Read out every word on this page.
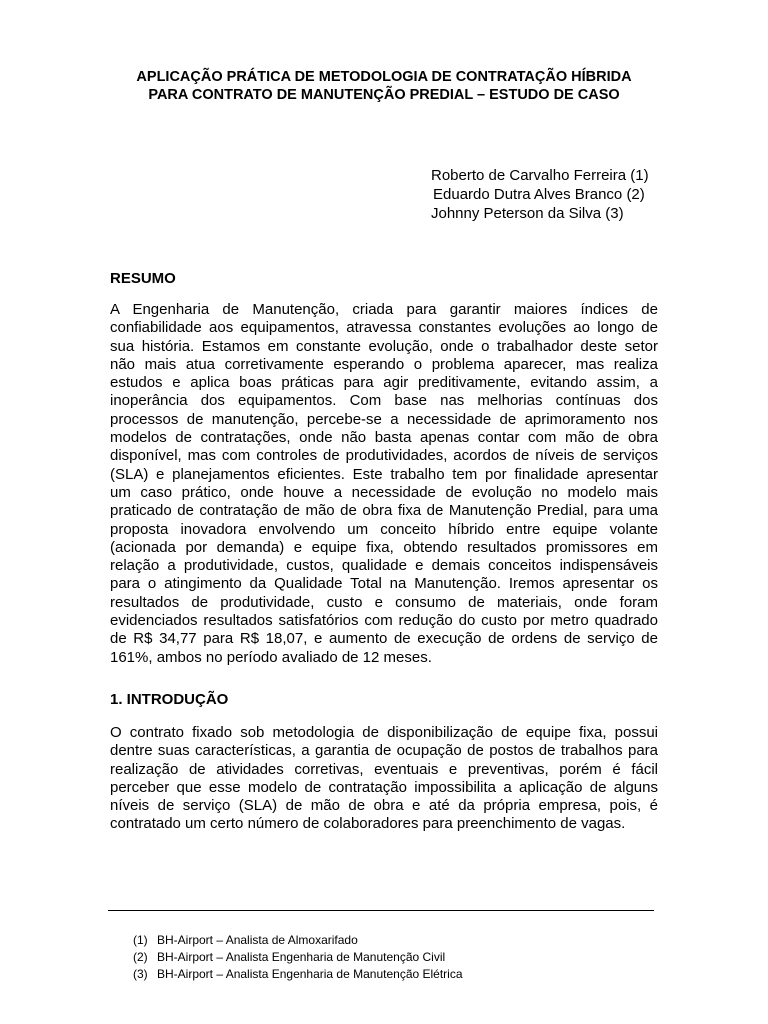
APLICAÇÃO PRÁTICA DE METODOLOGIA DE CONTRATAÇÃO HÍBRIDA
PARA CONTRATO DE MANUTENÇÃO PREDIAL – ESTUDO DE CASO
Roberto de Carvalho Ferreira (1)
Eduardo Dutra Alves Branco (2)
Johnny Peterson da Silva (3)
RESUMO
A Engenharia de Manutenção, criada para garantir maiores índices de
confiabilidade aos equipamentos, atravessa constantes evoluções ao longo de
sua história. Estamos em constante evolução, onde o trabalhador deste setor
não mais atua corretivamente esperando o problema aparecer, mas realiza
estudos e aplica boas práticas para agir preditivamente, evitando assim, a
inoperância dos equipamentos. Com base nas melhorias contínuas dos
processos de manutenção, percebe-se a necessidade de aprimoramento nos
modelos de contratações, onde não basta apenas contar com mão de obra
disponível, mas com controles de produtividades, acordos de níveis de serviços
(SLA) e planejamentos eficientes. Este trabalho tem por finalidade apresentar
um caso prático, onde houve a necessidade de evolução no modelo mais
praticado de contratação de mão de obra fixa de Manutenção Predial, para uma
proposta inovadora envolvendo um conceito híbrido entre equipe volante
(acionada por demanda) e equipe fixa, obtendo resultados promissores em
relação a produtividade, custos, qualidade e demais conceitos indispensáveis
para o atingimento da Qualidade Total na Manutenção. Iremos apresentar os
resultados de produtividade, custo e consumo de materiais, onde foram
evidenciados resultados satisfatórios com redução do custo por metro quadrado
de R$ 34,77 para R$ 18,07, e aumento de execução de ordens de serviço de
161%, ambos no período avaliado de 12 meses.
1. INTRODUÇÃO
O contrato fixado sob metodologia de disponibilização de equipe fixa, possui
dentre suas características, a garantia de ocupação de postos de trabalhos para
realização de atividades corretivas, eventuais e preventivas, porém é fácil
perceber que esse modelo de contratação impossibilita a aplicação de alguns
níveis de serviço (SLA) de mão de obra e até da própria empresa, pois, é
contratado um certo número de colaboradores para preenchimento de vagas.
(1) BH-Airport – Analista de Almoxarifado
(2) BH-Airport – Analista Engenharia de Manutenção Civil
(3) BH-Airport – Analista Engenharia de Manutenção Elétrica
